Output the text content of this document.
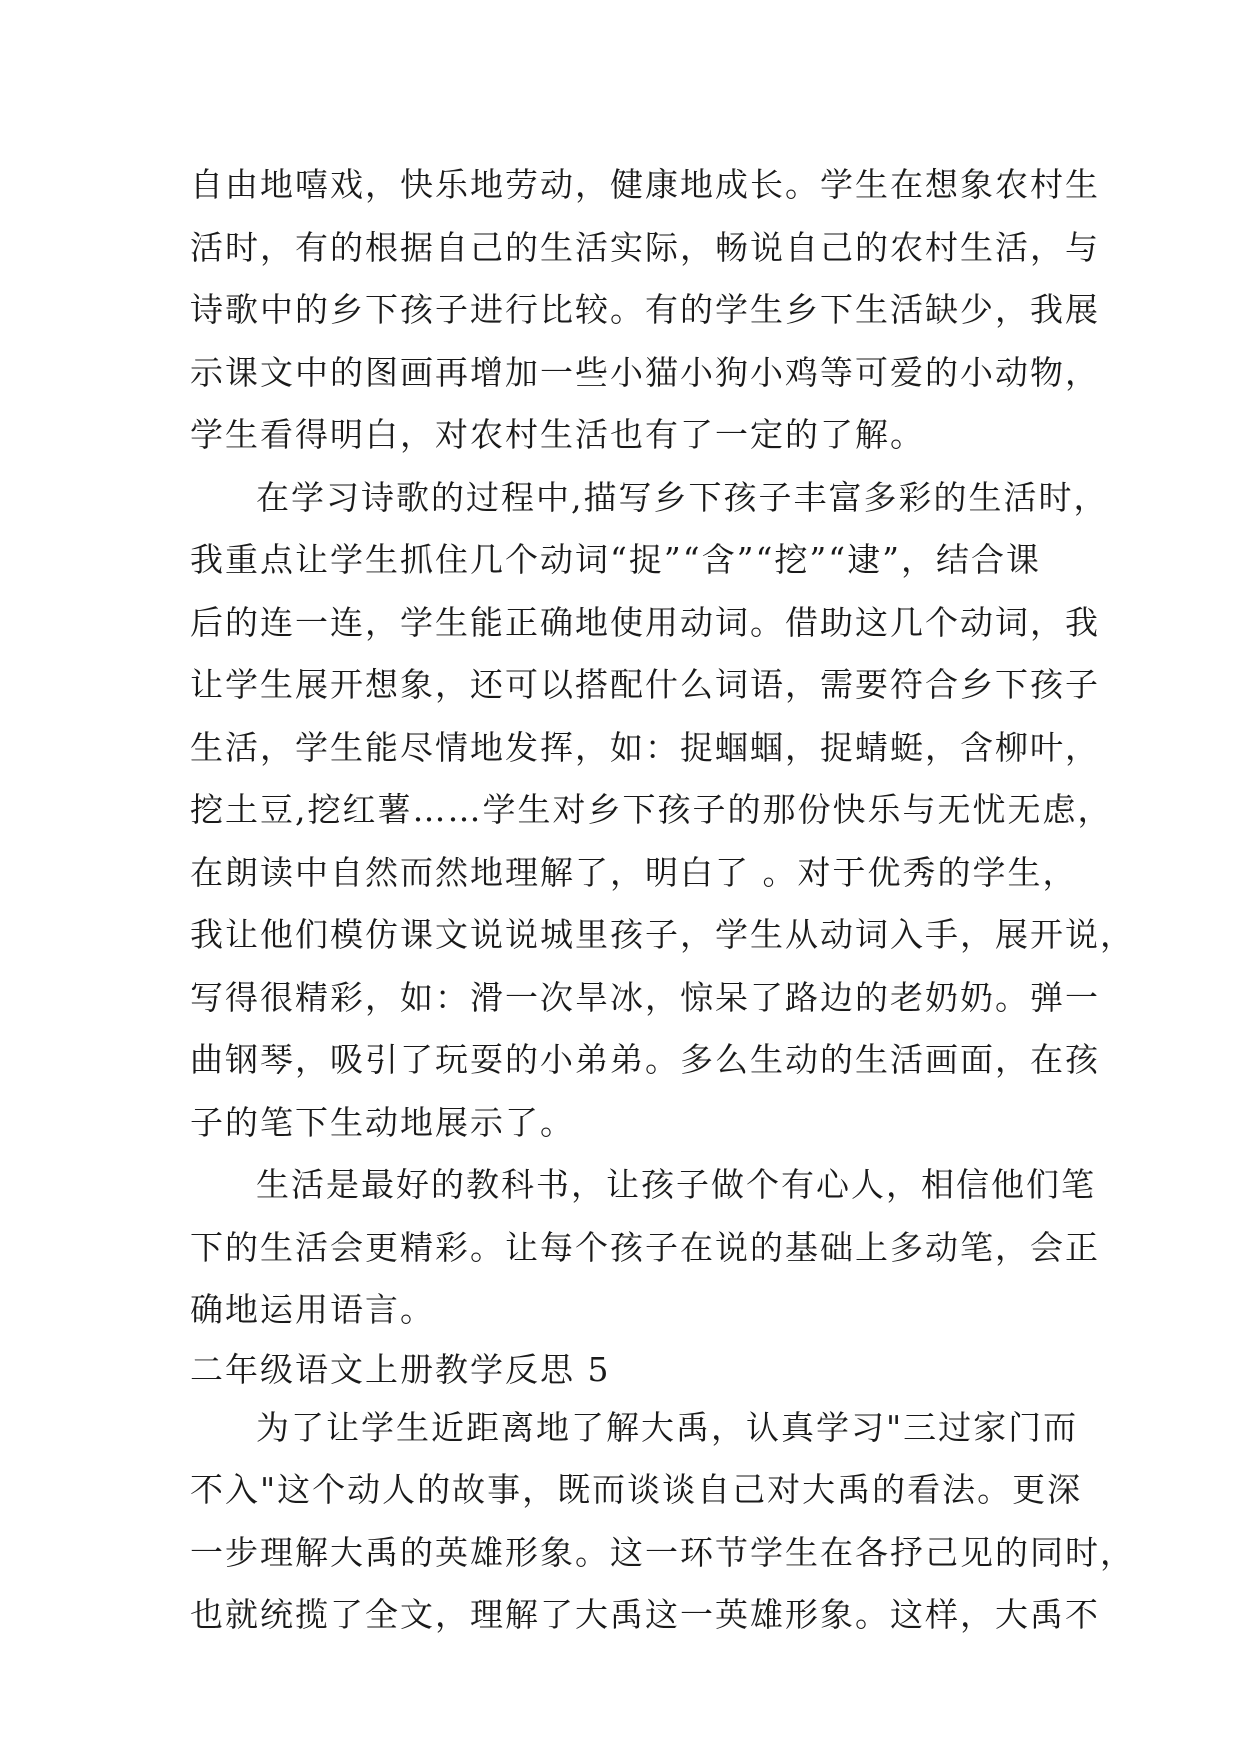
自由地嘻戏，快乐地劳动，健康地成长。学生在想象农村生
活时，有的根据自己的生活实际，畅说自己的农村生活，与
诗歌中的乡下孩子进行比较。有的学生乡下生活缺少，我展
示课文中的图画再增加一些小猫小狗小鸡等可爱的小动物，
学生看得明白，对农村生活也有了一定的了解。
在学习诗歌的过程中,描写乡下孩子丰富多彩的生活时，
我重点让学生抓住几个动词“捉”“含”“挖”“逮”，结合课
后的连一连，学生能正确地使用动词。借助这几个动词，我
让学生展开想象，还可以搭配什么词语，需要符合乡下孩子
生活，学生能尽情地发挥，如：捉蝈蝈，捉蜻蜓，含柳叶，
挖土豆,挖红薯……学生对乡下孩子的那份快乐与无忧无虑，
在朗读中自然而然地理解了，明白了 。对于优秀的学生，
我让他们模仿课文说说城里孩子，学生从动词入手，展开说，
写得很精彩，如：滑一次旱冰，惊呆了路边的老奶奶。弹一
曲钢琴，吸引了玩耍的小弟弟。多么生动的生活画面，在孩
子的笔下生动地展示了。
生活是最好的教科书，让孩子做个有心人，相信他们笔
下的生活会更精彩。让每个孩子在说的基础上多动笔，会正
确地运用语言。
二年级语文上册教学反思 5
为了让学生近距离地了解大禹，认真学习"三过家门而
不入"这个动人的故事，既而谈谈自己对大禹的看法。更深
一步理解大禹的英雄形象。这一环节学生在各抒己见的同时，
也就统揽了全文，理解了大禹这一英雄形象。这样，大禹不
